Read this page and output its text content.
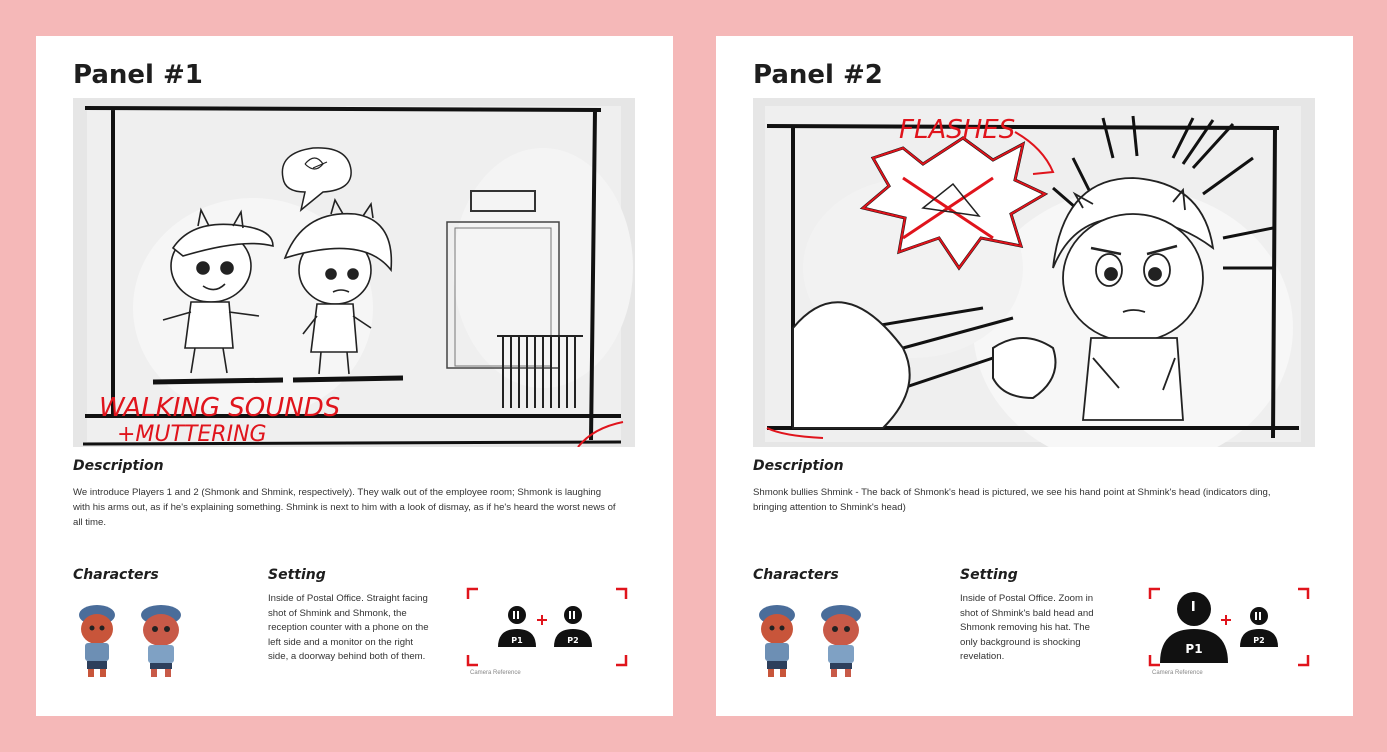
Panel #1
WALKING SOUNDS
+MUTTERING
Description

We introduce Players 1 and 2 (Shmonk and Shmink, respectively). They walk out of the employee room; Shmonk is laughing with his arms out, as if he's explaining something. Shmink is next to him with a look of dismay, as if he's heard the worst news of all time.

Characters	Setting

Inside of Postal Office. Straight facing shot of Shmink and Shmonk, the reception counter with a phone on the left side and a monitor on the right side, a doorway behind both of them.

P1	P2

Camera Reference

Panel #2
FLASHES
Description

Shmonk bullies Shmink - The back of Shmonk's head is pictured, we see his hand point at Shmink's head (indicators ding, bringing attention to Shmink's head)

Characters	Setting

Inside of Postal Office. Zoom in shot of Shmink's bald head and Shmonk removing his hat. The only background is shocking revelation.

P1
P2

Camera Reference
